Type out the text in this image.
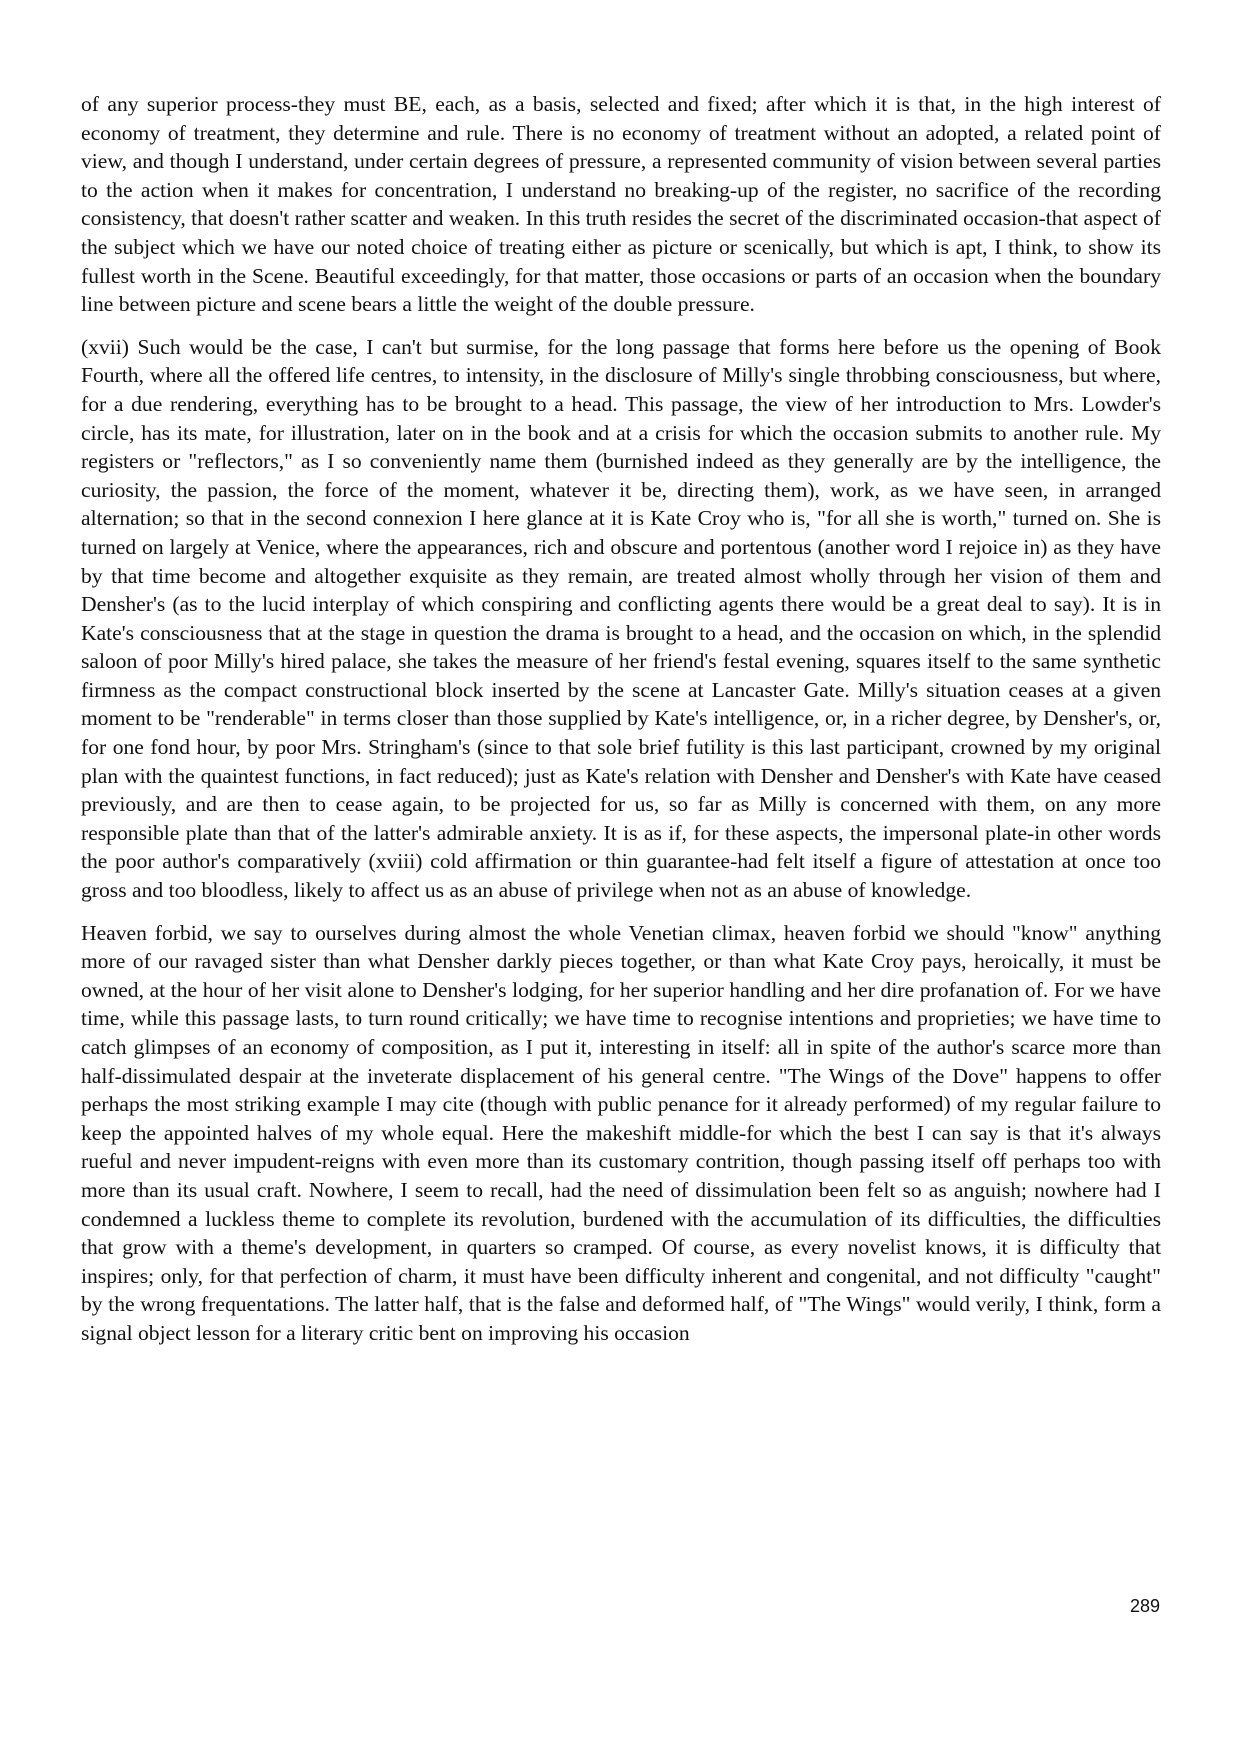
of any superior process-they must BE, each, as a basis, selected and fixed; after which it is that, in the high interest of economy of treatment, they determine and rule. There is no economy of treatment without an adopted, a related point of view, and though I understand, under certain degrees of pressure, a represented community of vision between several parties to the action when it makes for concentration, I understand no breaking-up of the register, no sacrifice of the recording consistency, that doesn't rather scatter and weaken. In this truth resides the secret of the discriminated occasion-that aspect of the subject which we have our noted choice of treating either as picture or scenically, but which is apt, I think, to show its fullest worth in the Scene. Beautiful exceedingly, for that matter, those occasions or parts of an occasion when the boundary line between picture and scene bears a little the weight of the double pressure.

(xvii) Such would be the case, I can't but surmise, for the long passage that forms here before us the opening of Book Fourth, where all the offered life centres, to intensity, in the disclosure of Milly's single throbbing consciousness, but where, for a due rendering, everything has to be brought to a head. This passage, the view of her introduction to Mrs. Lowder's circle, has its mate, for illustration, later on in the book and at a crisis for which the occasion submits to another rule. My registers or "reflectors," as I so conveniently name them (burnished indeed as they generally are by the intelligence, the curiosity, the passion, the force of the moment, whatever it be, directing them), work, as we have seen, in arranged alternation; so that in the second connexion I here glance at it is Kate Croy who is, "for all she is worth," turned on. She is turned on largely at Venice, where the appearances, rich and obscure and portentous (another word I rejoice in) as they have by that time become and altogether exquisite as they remain, are treated almost wholly through her vision of them and Densher's (as to the lucid interplay of which conspiring and conflicting agents there would be a great deal to say). It is in Kate's consciousness that at the stage in question the drama is brought to a head, and the occasion on which, in the splendid saloon of poor Milly's hired palace, she takes the measure of her friend's festal evening, squares itself to the same synthetic firmness as the compact constructional block inserted by the scene at Lancaster Gate. Milly's situation ceases at a given moment to be "renderable" in terms closer than those supplied by Kate's intelligence, or, in a richer degree, by Densher's, or, for one fond hour, by poor Mrs. Stringham's (since to that sole brief futility is this last participant, crowned by my original plan with the quaintest functions, in fact reduced); just as Kate's relation with Densher and Densher's with Kate have ceased previously, and are then to cease again, to be projected for us, so far as Milly is concerned with them, on any more responsible plate than that of the latter's admirable anxiety. It is as if, for these aspects, the impersonal plate-in other words the poor author's comparatively (xviii) cold affirmation or thin guarantee-had felt itself a figure of attestation at once too gross and too bloodless, likely to affect us as an abuse of privilege when not as an abuse of knowledge.

Heaven forbid, we say to ourselves during almost the whole Venetian climax, heaven forbid we should "know" anything more of our ravaged sister than what Densher darkly pieces together, or than what Kate Croy pays, heroically, it must be owned, at the hour of her visit alone to Densher's lodging, for her superior handling and her dire profanation of. For we have time, while this passage lasts, to turn round critically; we have time to recognise intentions and proprieties; we have time to catch glimpses of an economy of composition, as I put it, interesting in itself: all in spite of the author's scarce more than half-dissimulated despair at the inveterate displacement of his general centre. "The Wings of the Dove" happens to offer perhaps the most striking example I may cite (though with public penance for it already performed) of my regular failure to keep the appointed halves of my whole equal. Here the makeshift middle-for which the best I can say is that it's always rueful and never impudent-reigns with even more than its customary contrition, though passing itself off perhaps too with more than its usual craft. Nowhere, I seem to recall, had the need of dissimulation been felt so as anguish; nowhere had I condemned a luckless theme to complete its revolution, burdened with the accumulation of its difficulties, the difficulties that grow with a theme's development, in quarters so cramped. Of course, as every novelist knows, it is difficulty that inspires; only, for that perfection of charm, it must have been difficulty inherent and congenital, and not difficulty "caught" by the wrong frequentations. The latter half, that is the false and deformed half, of "The Wings" would verily, I think, form a signal object lesson for a literary critic bent on improving his occasion

289
